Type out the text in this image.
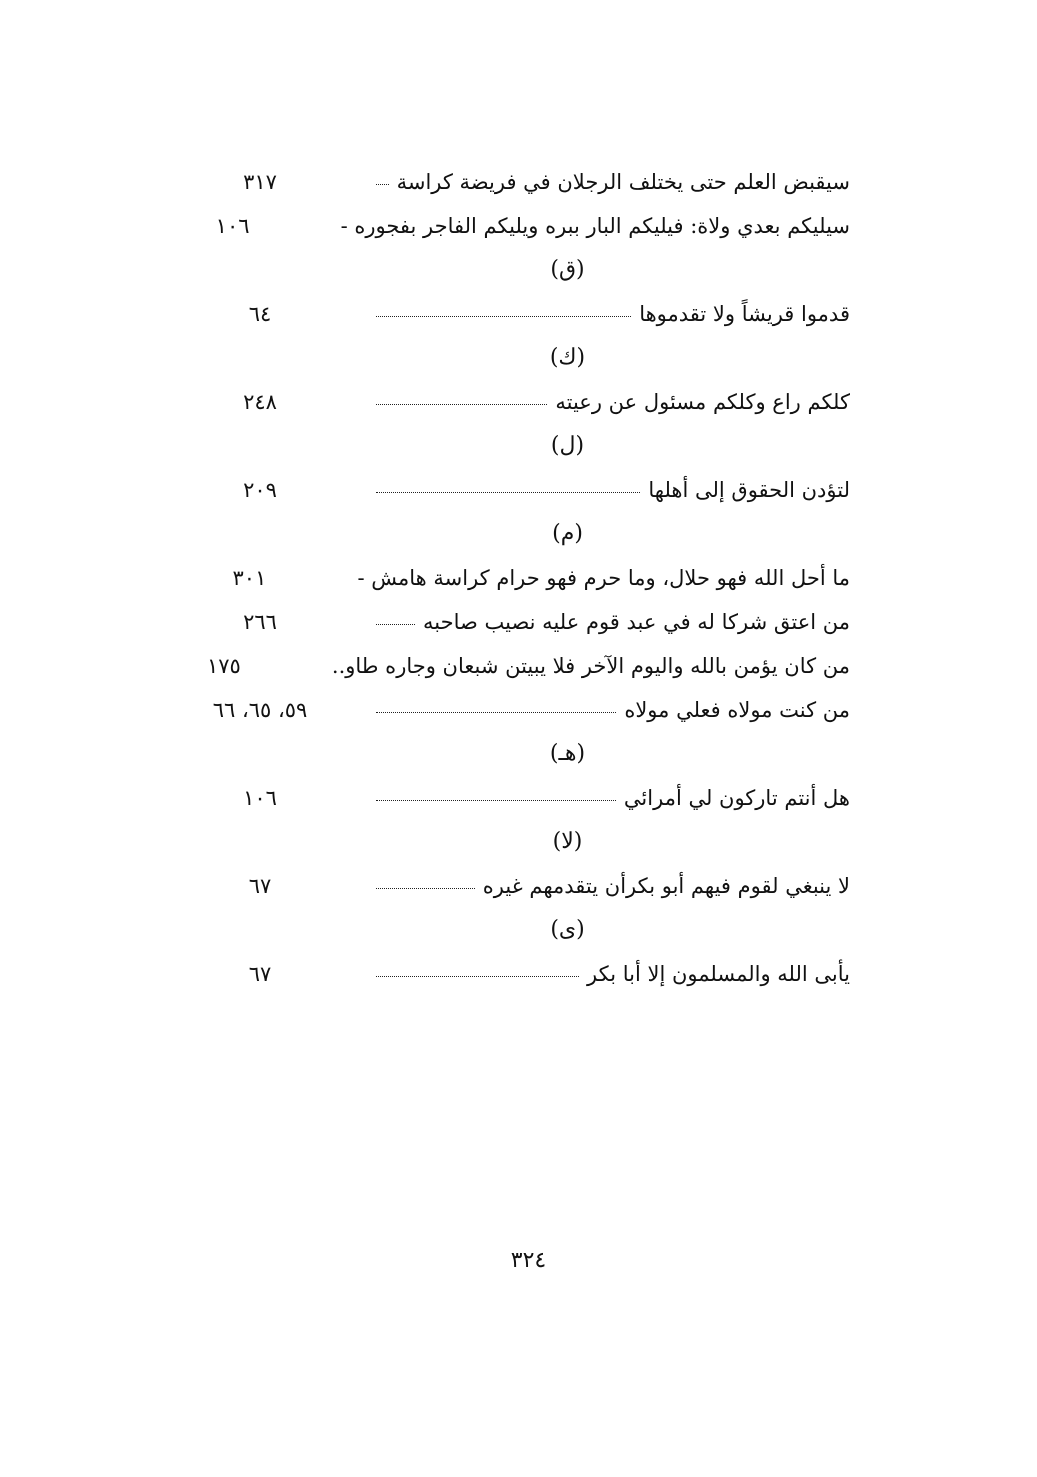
سيقبض العلم حتى يختلف الرجلان في فريضة كراسة
٣١٧
سيليكم بعدي ولاة: فيليكم البار ببره ويليكم الفاجر بفجوره -
١٠٦
(ق)
قدموا قريشاً ولا تقدموها
٦٤
(ك)
كلكم راع وكلكم مسئول عن رعيته
٢٤٨
(ل)
لتؤدن الحقوق إلى أهلها
٢٠٩
(م)
ما أحل الله فهو حلال، وما حرم فهو حرام كراسة هامش -
٣٠١
من اعتق شركا له في عبد قوم عليه نصيب صاحبه
٢٦٦
من كان يؤمن بالله واليوم الآخر فلا يبيتن شبعان وجاره طاو..
١٧٥
من كنت مولاه فعلي مولاه
٥٩، ٦٥، ٦٦
(هـ)
هل أنتم تاركون لي أمرائي
١٠٦
(لا)
لا ينبغي لقوم فيهم أبو بكرأن يتقدمهم غيره
٦٧
(ى)
يأبى الله والمسلمون إلا أبا بكر
٦٧
٣٢٤
